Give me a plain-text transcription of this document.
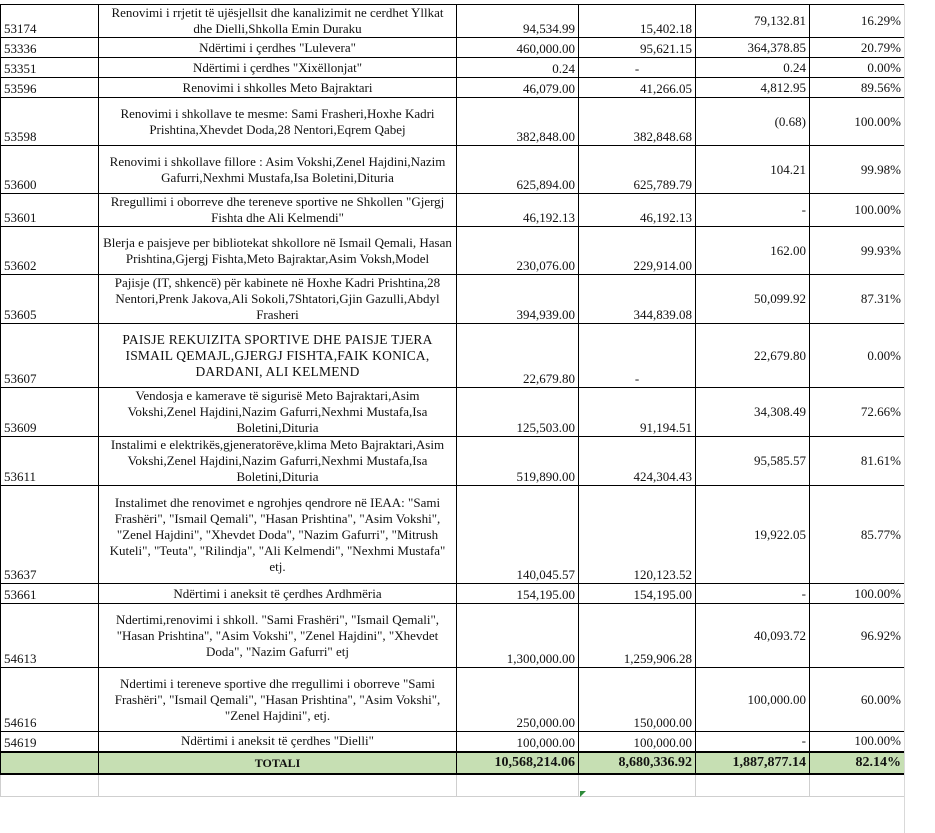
53174	Renovimi i rrjetit të ujësjellsit dhe kanalizimit ne cerdhet Yllkat dhe Dielli,Shkolla Emin Duraku	94,534.99	15,402.18	79,132.81	16.29%
53336	Ndërtimi i çerdhes "Lulevera"	460,000.00	95,621.15	364,378.85	20.79%
53351	Ndërtimi i çerdhes "Xixëllonjat"	0.24	-	0.24	0.00%
53596	Renovimi i shkolles Meto Bajraktari	46,079.00	41,266.05	4,812.95	89.56%
53598	Renovimi i shkollave te mesme: Sami Frasheri,Hoxhe Kadri Prishtina,Xhevdet Doda,28 Nentori,Eqrem Qabej	382,848.00	382,848.68	(0.68)	100.00%
53600	Renovimi i shkollave fillore : Asim Vokshi,Zenel Hajdini,Nazim Gafurri,Nexhmi Mustafa,Isa Boletini,Dituria	625,894.00	625,789.79	104.21	99.98%
53601	Rregullimi i oborreve dhe tereneve sportive ne Shkollen "Gjergj Fishta dhe Ali Kelmendi"	46,192.13	46,192.13	-	100.00%
53602	Blerja e paisjeve per bibliotekat shkollore në Ismail Qemali, Hasan Prishtina,Gjergj Fishta,Meto Bajraktar,Asim Voksh,Model	230,076.00	229,914.00	162.00	99.93%
53605	Pajisje (IT, shkencë) për kabinete në Hoxhe Kadri Prishtina,28 Nentori,Prenk Jakova,Ali Sokoli,7Shtatori,Gjin Gazulli,Abdyl Frasheri	394,939.00	344,839.08	50,099.92	87.31%
53607	PAISJE REKUIZITA SPORTIVE DHE PAISJE TJERA ISMAIL QEMAJL,GJERGJ FISHTA,FAIK KONICA, DARDANI, ALI KELMEND	22,679.80	-	22,679.80	0.00%
53609	Vendosja e kamerave të sigurisë Meto Bajraktari,Asim Vokshi,Zenel Hajdini,Nazim Gafurri,Nexhmi Mustafa,Isa Boletini,Dituria	125,503.00	91,194.51	34,308.49	72.66%
53611	Instalimi e elektrikës,gjeneratorëve,klima Meto Bajraktari,Asim Vokshi,Zenel Hajdini,Nazim Gafurri,Nexhmi Mustafa,Isa Boletini,Dituria	519,890.00	424,304.43	95,585.57	81.61%
53637	Instalimet dhe renovimet e ngrohjes qendrore në IEAA: "Sami Frashëri", "Ismail Qemali", "Hasan Prishtina", "Asim Vokshi", "Zenel Hajdini", "Xhevdet Doda", "Nazim Gafurri", "Mitrush Kuteli", "Teuta", "Rilindja", "Ali Kelmendi", "Nexhmi Mustafa" etj.	140,045.57	120,123.52	19,922.05	85.77%
53661	Ndërtimi i aneksit të çerdhes Ardhmëria	154,195.00	154,195.00	-	100.00%
54613	Ndertimi,renovimi i shkoll. "Sami Frashëri", "Ismail Qemali", "Hasan Prishtina", "Asim Vokshi", "Zenel Hajdini", "Xhevdet Doda", "Nazim Gafurri" etj	1,300,000.00	1,259,906.28	40,093.72	96.92%
54616	Ndertimi i tereneve sportive dhe rregullimi i oborreve "Sami Frashëri", "Ismail Qemali", "Hasan Prishtina", "Asim Vokshi", "Zenel Hajdini", etj.	250,000.00	150,000.00	100,000.00	60.00%
54619	Ndërtimi i aneksit të çerdhes "Dielli"	100,000.00	100,000.00	-	100.00%
	TOTALI	10,568,214.06	8,680,336.92	1,887,877.14	82.14%
